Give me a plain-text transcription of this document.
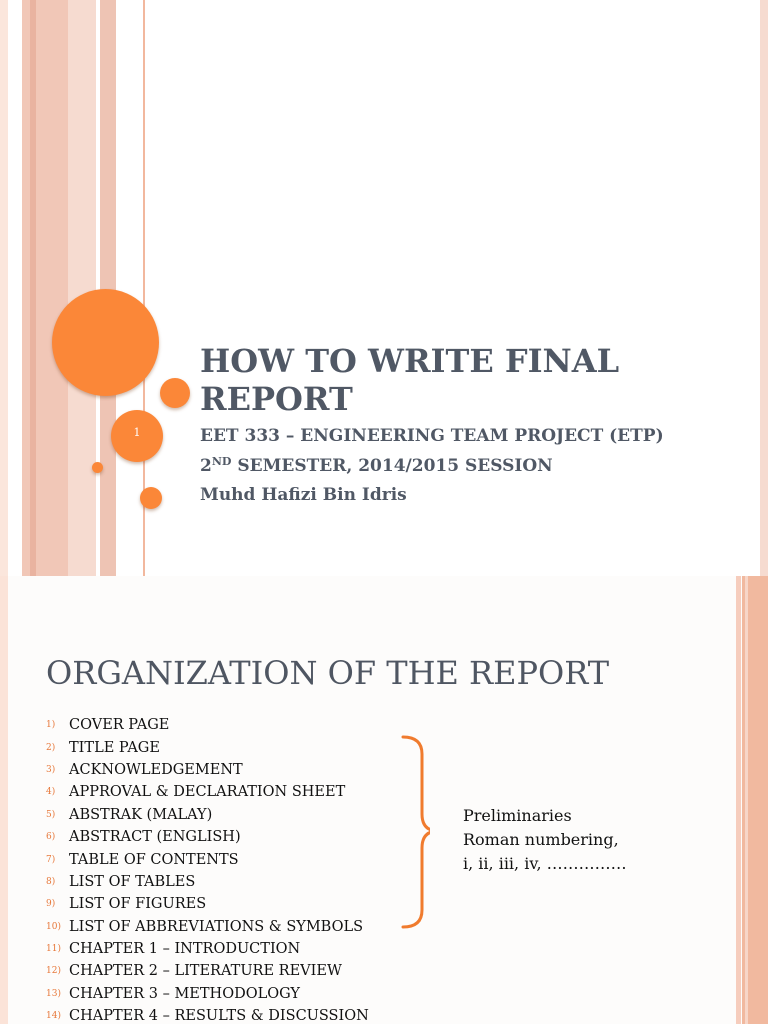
1
HOW TO WRITE FINAL REPORT

EET 333 – ENGINEERING TEAM PROJECT (ETP)

2ND SEMESTER, 2014/2015 SESSION

Muhd Hafizi Bin Idris

ORGANIZATION OF THE REPORT
1) COVER PAGE
2) TITLE PAGE
3) ACKNOWLEDGEMENT
4) APPROVAL & DECLARATION SHEET
5) ABSTRAK (MALAY)
6) ABSTRACT (ENGLISH)
7) TABLE OF CONTENTS
8) LIST OF TABLES
9) LIST OF FIGURES
10) LIST OF ABBREVIATIONS & SYMBOLS
11) CHAPTER 1 – INTRODUCTION
12) CHAPTER 2 – LITERATURE REVIEW
13) CHAPTER 3 – METHODOLOGY
14) CHAPTER 4 – RESULTS & DISCUSSION

Preliminaries

Roman numbering,

i, ii, iii, iv, ……………
